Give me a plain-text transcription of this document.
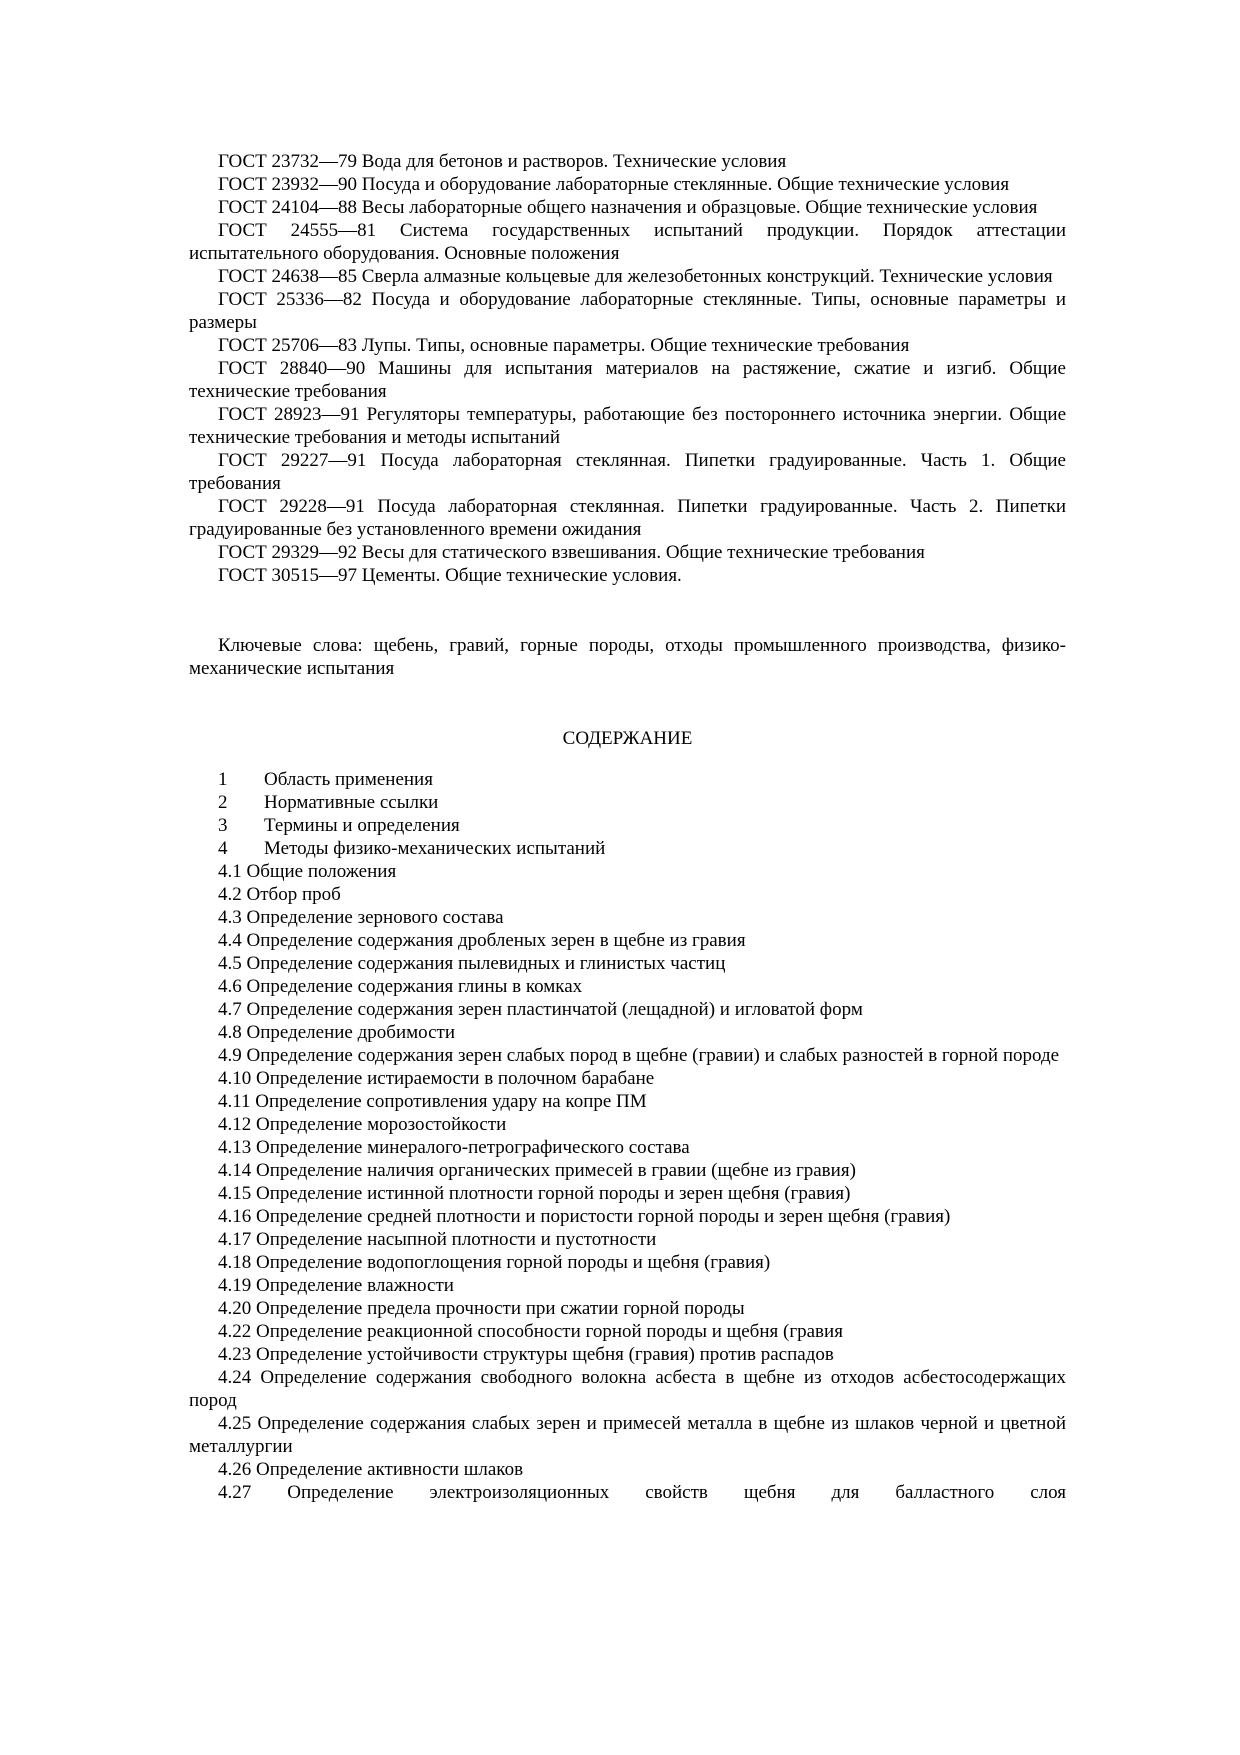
ГОСТ 23732—79 Вода для бетонов и растворов. Технические условия

ГОСТ 23932—90 Посуда и оборудование лабораторные стеклянные. Общие технические условия

ГОСТ 24104—88 Весы лабораторные общего назначения и образцовые. Общие технические условия

ГОСТ 24555—81 Система государственных испытаний продукции. Порядок аттестации испытательного оборудования. Основные положения

ГОСТ 24638—85 Сверла алмазные кольцевые для железобетонных конструкций. Технические условия

ГОСТ 25336—82 Посуда и оборудование лабораторные стеклянные. Типы, основные параметры и размеры

ГОСТ 25706—83 Лупы. Типы, основные параметры. Общие технические требования

ГОСТ 28840—90 Машины для испытания материалов на растяжение, сжатие и изгиб. Общие технические требования

ГОСТ 28923—91 Регуляторы температуры, работающие без постороннего источника энергии. Общие технические требования и методы испытаний

ГОСТ 29227—91 Посуда лабораторная стеклянная. Пипетки градуированные. Часть 1. Общие требования

ГОСТ 29228—91 Посуда лабораторная стеклянная. Пипетки градуированные. Часть 2. Пипетки градуированные без установленного времени ожидания

ГОСТ 29329—92 Весы для статического взвешивания. Общие технические требования

ГОСТ 30515—97 Цементы. Общие технические условия.

Ключевые слова: щебень, гравий, горные породы, отходы промышленного производства, физико-механические испытания

СОДЕРЖАНИЕ

1 Область применения

2 Нормативные ссылки

3 Термины и определения

4 Методы физико-механических испытаний

4.1 Общие положения

4.2 Отбор проб

4.3 Определение зернового состава

4.4 Определение содержания дробленых зерен в щебне из гравия

4.5 Определение содержания пылевидных и глинистых частиц

4.6 Определение содержания глины в комках

4.7 Определение содержания зерен пластинчатой (лещадной) и игловатой форм

4.8 Определение дробимости

4.9 Определение содержания зерен слабых пород в щебне (гравии) и слабых разностей в горной породе

4.10 Определение истираемости в полочном барабане

4.11 Определение сопротивления удару на копре ПМ

4.12 Определение морозостойкости

4.13 Определение минералого-петрографического состава

4.14 Определение наличия органических примесей в гравии (щебне из гравия)

4.15 Определение истинной плотности горной породы и зерен щебня (гравия)

4.16 Определение средней плотности и пористости горной породы и зерен щебня (гравия)

4.17 Определение насыпной плотности и пустотности

4.18 Определение водопоглощения горной породы и щебня (гравия)

4.19 Определение влажности

4.20 Определение предела прочности при сжатии горной породы

4.22 Определение реакционной способности горной породы и щебня (гравия

4.23 Определение устойчивости структуры щебня (гравия) против распадов

4.24 Определение содержания свободного волокна асбеста в щебне из отходов асбестосодержащих пород

4.25 Определение содержания слабых зерен и примесей металла в щебне из шлаков черной и цветной металлургии

4.26 Определение активности шлаков

4.27 Определение электроизоляционных свойств щебня для балластного слоя
